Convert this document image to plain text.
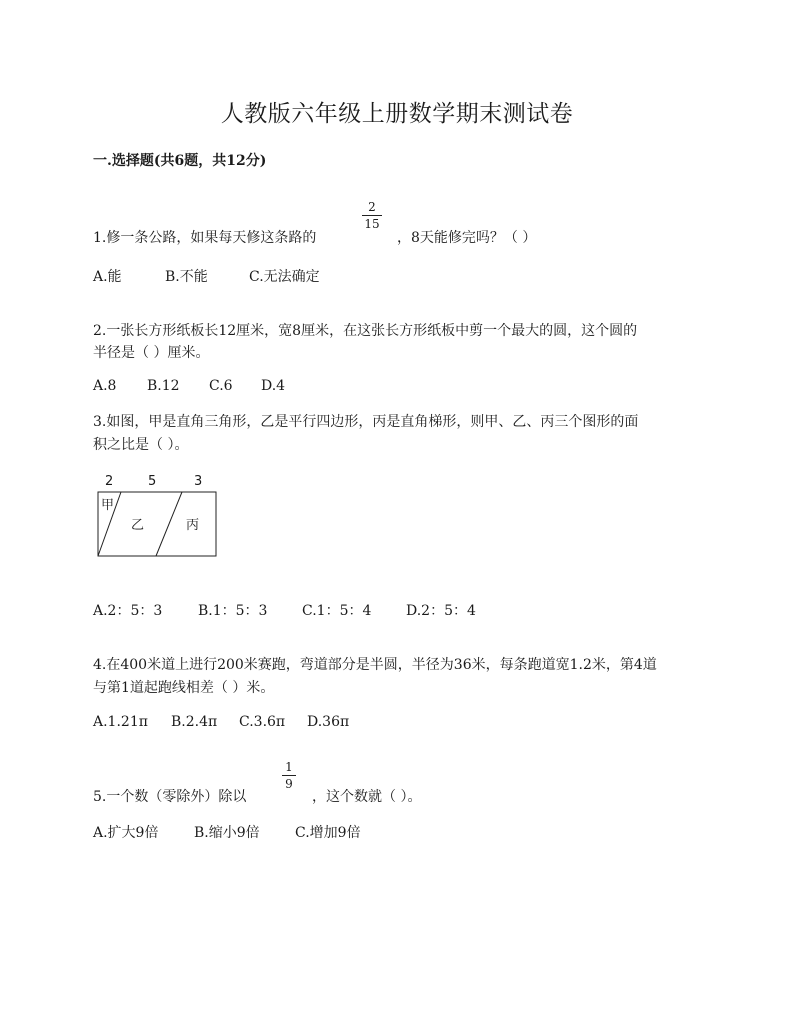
人教版六年级上册数学期末测试卷
一.选择题(共6题，共12分)
1.修一条公路，如果每天修这条路的
2
15
，8天能修完吗？（ ）
A.能	B.不能	C.无法确定
2.一张长方形纸板长12厘米，宽8厘米，在这张长方形纸板中剪一个最大的圆，这个圆的
半径是（ ）厘米。
A.8 B.12 C.6 D.4
3.如图，甲是直角三角形，乙是平行四边形，丙是直角梯形，则甲、乙、丙三个图形的面
积之比是（ ）。
2	5	3
甲
乙	丙
A.2：5：3	B.1：5：3 C.1：5：4 D.2：5：4
4.在400米道上进行200米赛跑，弯道部分是半圆，半径为36米，每条跑道宽1.2米，第4道
与第1道起跑线相差（ ）米。
A.1.21π B.2.4π C.3.6π D.36π
5.一个数（零除外）除以
1
9
，这个数就（ ）。
A.扩大9倍	B.缩小9倍	C.增加9倍
